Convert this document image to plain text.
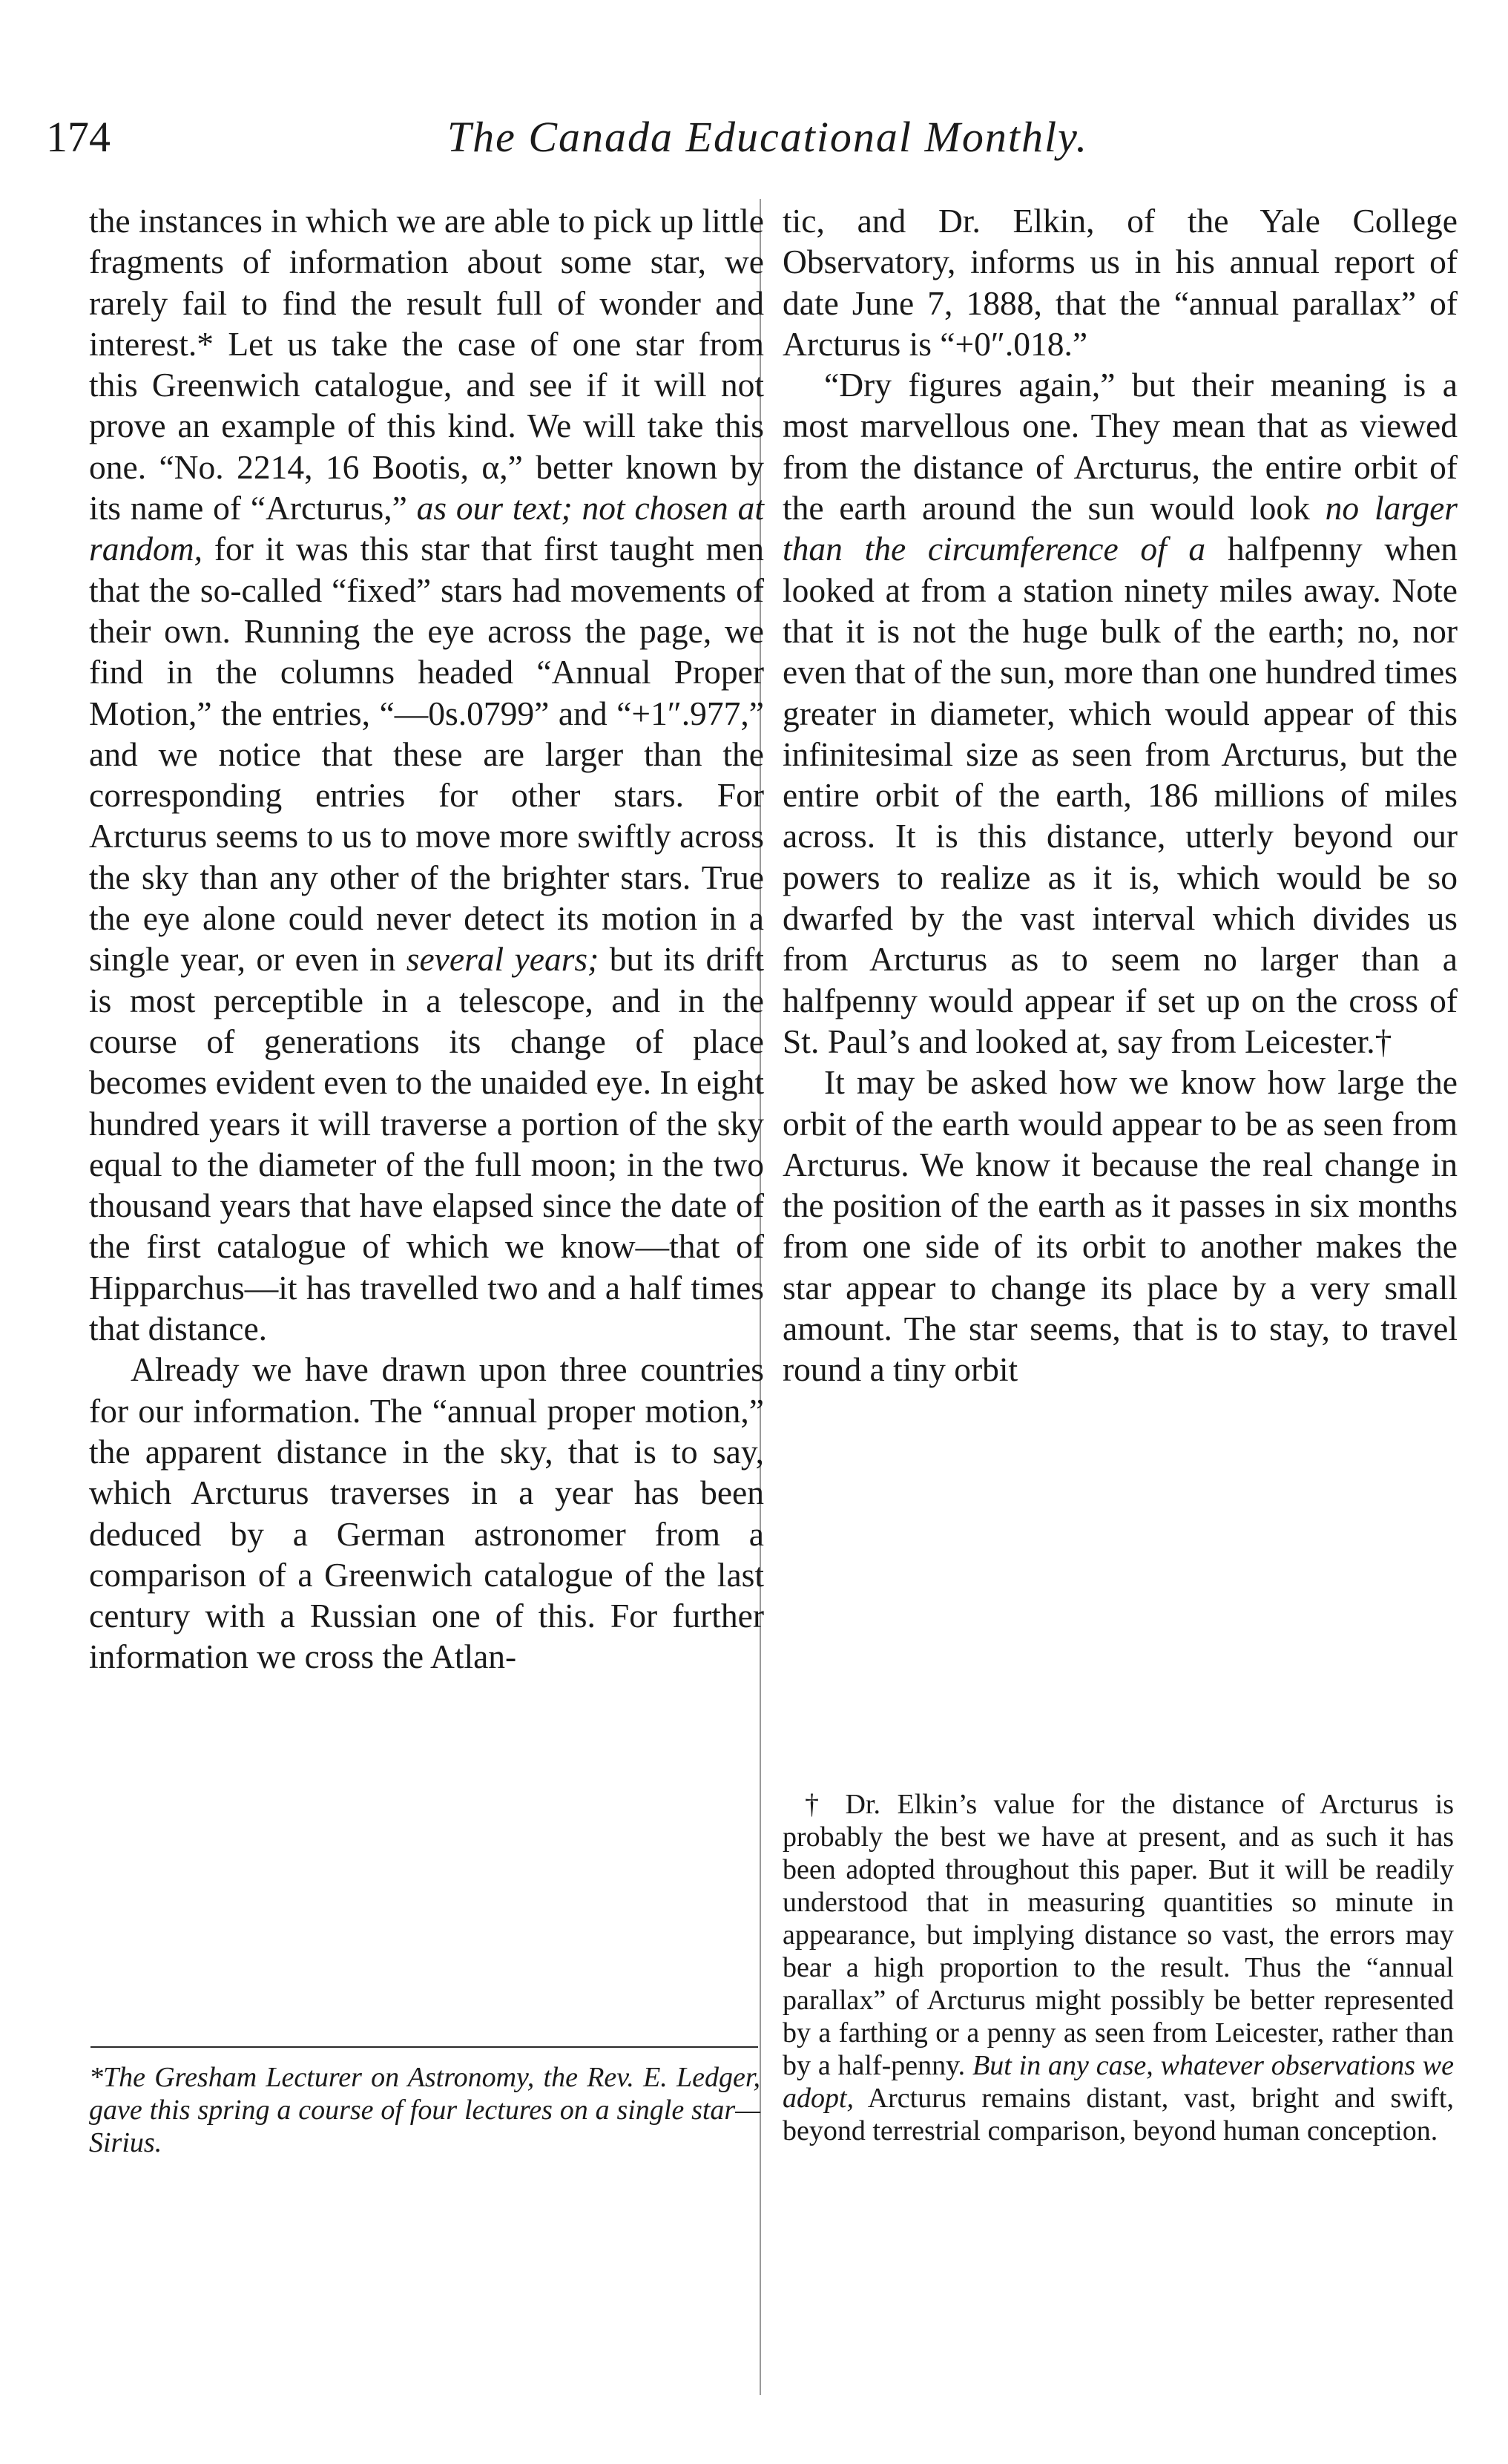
174	The Canada Educational Monthly.

the instances in which we are able to pick up little fragments of information about some star, we rarely fail to find the result full of wonder and interest.* Let us take the case of one star from this Greenwich catalogue, and see if it will not prove an example of this kind. We will take this one. “No. 2214, 16 Bootis, α,” better known by its name of “Arcturus,” as our text; not chosen at random, for it was this star that first taught men that the so-called “fixed” stars had movements of their own. Running the eye across the page, we find in the columns headed “Annual Proper Motion,” the entries, “—0s.0799” and “+1″.977,” and we notice that these are larger than the corresponding entries for other stars. For Arcturus seems to us to move more swiftly across the sky than any other of the brighter stars. True the eye alone could never detect its motion in a single year, or even in several years; but its drift is most perceptible in a telescope, and in the course of generations its change of place becomes evident even to the unaided eye. In eight hundred years it will traverse a portion of the sky equal to the diameter of the full moon; in the two thousand years that have elapsed since the date of the first catalogue of which we know—that of Hipparchus—it has travelled two and a half times that distance.

Already we have drawn upon three countries for our information. The “annual proper motion,” the apparent distance in the sky, that is to say, which Arcturus traverses in a year has been deduced by a German astronomer from a comparison of a Greenwich catalogue of the last century with a Russian one of this. For further information we cross the Atlan-

tic, and Dr. Elkin, of the Yale College Observatory, informs us in his annual report of date June 7, 1888, that the “annual parallax” of Arcturus is “+0″.018.”

“Dry figures again,” but their meaning is a most marvellous one. They mean that as viewed from the distance of Arcturus, the entire orbit of the earth around the sun would look no larger than the circumference of a halfpenny when looked at from a station ninety miles away. Note that it is not the huge bulk of the earth; no, nor even that of the sun, more than one hundred times greater in diameter, which would appear of this infinitesimal size as seen from Arcturus, but the entire orbit of the earth, 186 millions of miles across. It is this distance, utterly beyond our powers to realize as it is, which would be so dwarfed by the vast interval which divides us from Arcturus as to seem no larger than a halfpenny would appear if set up on the cross of St. Paul’s and looked at, say from Leicester.†

It may be asked how we know how large the orbit of the earth would appear to be as seen from Arcturus. We know it because the real change in the position of the earth as it passes in six months from one side of its orbit to another makes the star appear to change its place by a very small amount. The star seems, that is to stay, to travel round a tiny orbit

*The Gresham Lecturer on Astronomy, the Rev. E. Ledger, gave this spring a course of four lectures on a single star—Sirius.

† Dr. Elkin’s value for the distance of Arcturus is probably the best we have at present, and as such it has been adopted throughout this paper. But it will be readily understood that in measuring quantities so minute in appearance, but implying distance so vast, the errors may bear a high proportion to the result. Thus the “annual parallax” of Arcturus might possibly be better represented by a farthing or a penny as seen from Leicester, rather than by a half-penny. But in any case, whatever observations we adopt, Arcturus remains distant, vast, bright and swift, beyond terrestrial comparison, beyond human conception.
